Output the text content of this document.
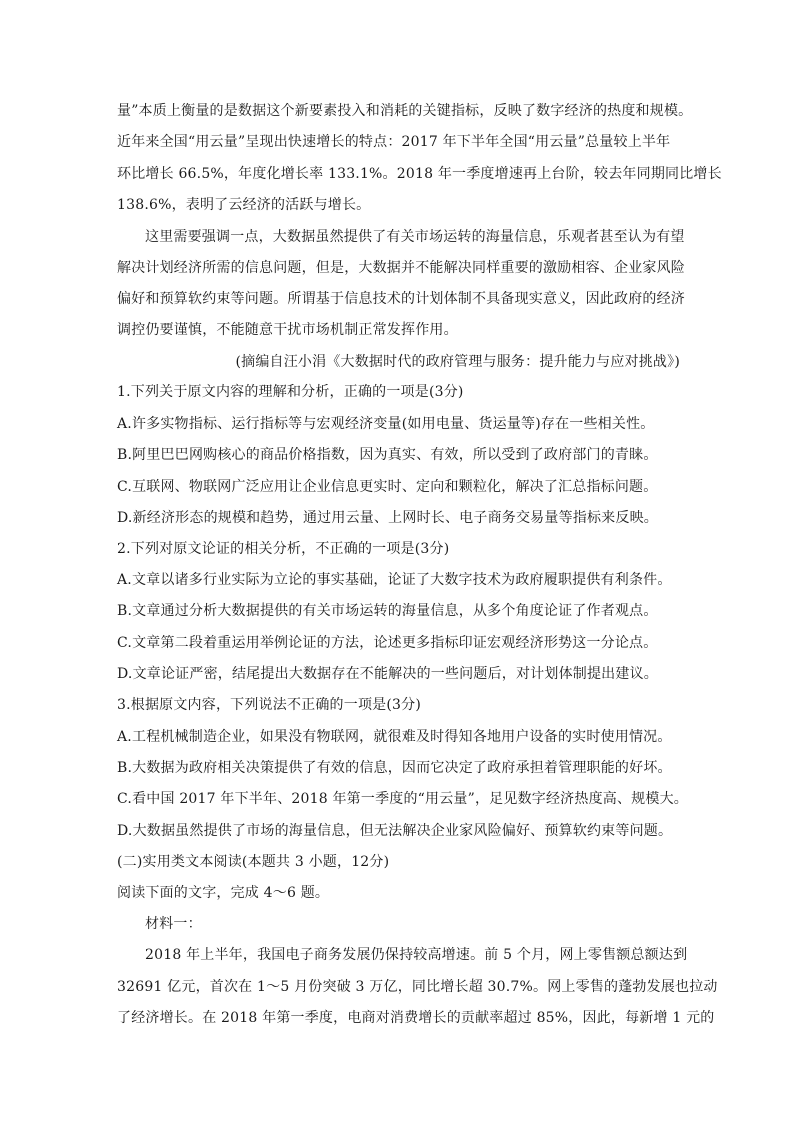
量”本质上衡量的是数据这个新要素投入和消耗的关键指标，反映了数字经济的热度和规模。
近年来全国“用云量”呈现出快速增长的特点：2017 年下半年全国“用云量”总量较上半年
环比增长 66.5%，年度化增长率 133.1%。2018 年一季度增速再上台阶，较去年同期同比增长
138.6%，表明了云经济的活跃与增长。
这里需要强调一点，大数据虽然提供了有关市场运转的海量信息，乐观者甚至认为有望
解决计划经济所需的信息问题，但是，大数据并不能解决同样重要的激励相容、企业家风险
偏好和预算软约束等问题。所谓基于信息技术的计划体制不具备现实意义，因此政府的经济
调控仍要谨慎，不能随意干扰市场机制正常发挥作用。
(摘编自汪小涓《大数据时代的政府管理与服务：提升能力与应对挑战》)
1.下列关于原文内容的理解和分析，正确的一项是(3分)
A.许多实物指标、运行指标等与宏观经济变量(如用电量、货运量等)存在一些相关性。
B.阿里巴巴网购核心的商品价格指数，因为真实、有效，所以受到了政府部门的青睐。
C.互联网、物联网广泛应用让企业信息更实时、定向和颗粒化，解决了汇总指标问题。
D.新经济形态的规模和趋势，通过用云量、上网时长、电子商务交易量等指标来反映。
2.下列对原文论证的相关分析，不正确的一项是(3分)
A.文章以诸多行业实际为立论的事实基础，论证了大数字技术为政府履职提供有利条件。
B.文章通过分析大数据提供的有关市场运转的海量信息，从多个角度论证了作者观点。
C.文章第二段着重运用举例论证的方法，论述更多指标印证宏观经济形势这一分论点。
D.文章论证严密，结尾提出大数据存在不能解决的一些问题后，对计划体制提出建议。
3.根据原文内容，下列说法不正确的一项是(3分)
A.工程机械制造企业，如果没有物联网，就很难及时得知各地用户设备的实时使用情况。
B.大数据为政府相关决策提供了有效的信息，因而它决定了政府承担着管理职能的好坏。
C.看中国 2017 年下半年、2018 年第一季度的“用云量”，足见数字经济热度高、规模大。
D.大数据虽然提供了市场的海量信息，但无法解决企业家风险偏好、预算软约束等问题。
(二)实用类文本阅读(本题共 3 小题，12分)
阅读下面的文字，完成 4～6 题。
材料一：
2018 年上半年，我国电子商务发展仍保持较高增速。前 5 个月，网上零售额总额达到
32691 亿元，首次在 1～5 月份突破 3 万亿，同比增长超 30.7%。网上零售的蓬勃发展也拉动
了经济增长。在 2018 年第一季度，电商对消费增长的贡献率超过 85%，因此，每新增 1 元的
